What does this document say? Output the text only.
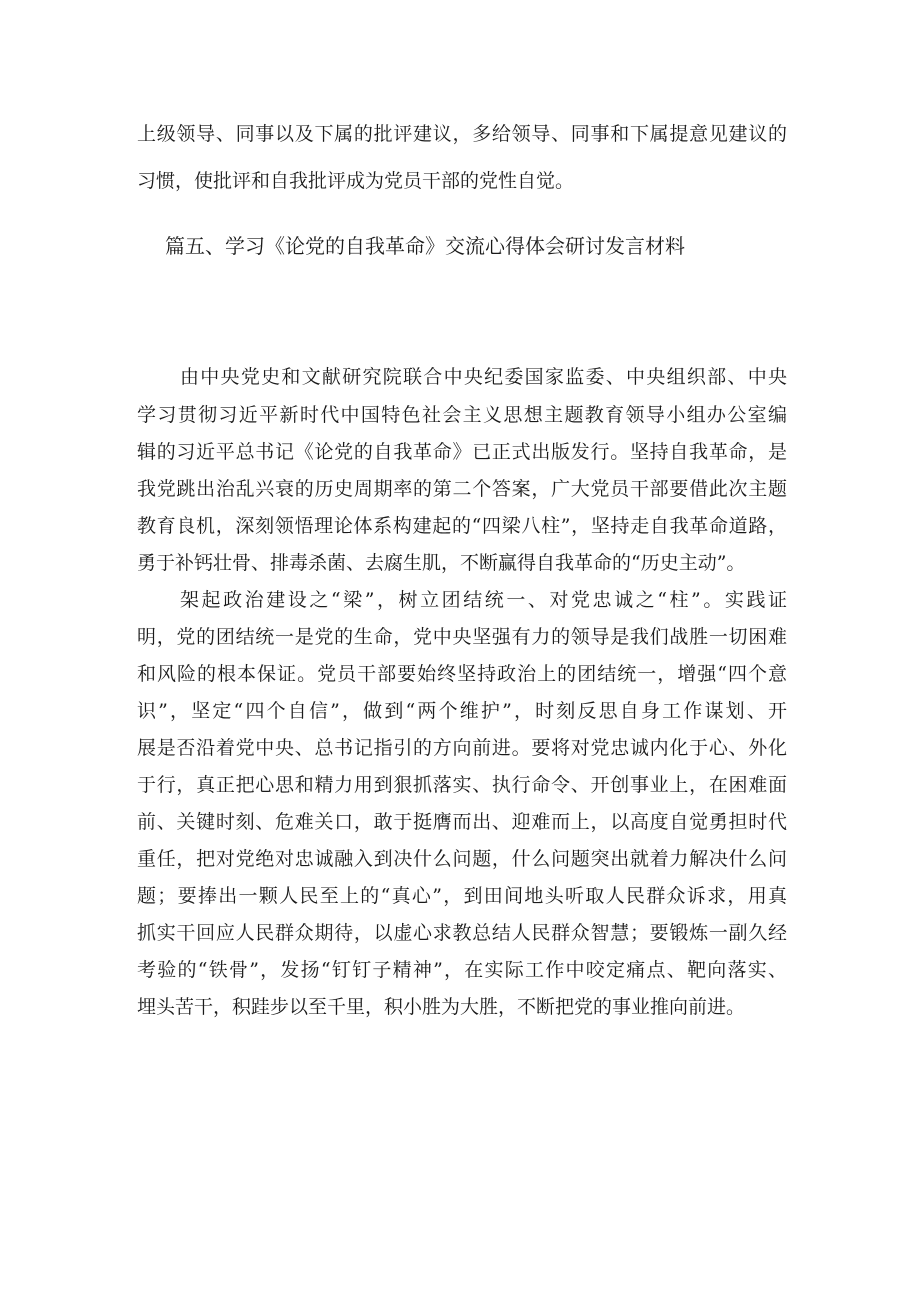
上级领导、同事以及下属的批评建议，多给领导、同事和下属提意见建议的
习惯，使批评和自我批评成为党员干部的党性自觉。
篇五、学习《论党的自我革命》交流心得体会研讨发言材料
由中央党史和文献研究院联合中央纪委国家监委、中央组织部、中央
学习贯彻习近平新时代中国特色社会主义思想主题教育领导小组办公室编
辑的习近平总书记《论党的自我革命》已正式出版发行。坚持自我革命，是
我党跳出治乱兴衰的历史周期率的第二个答案，广大党员干部要借此次主题
教育良机，深刻领悟理论体系构建起的“四梁八柱”，坚持走自我革命道路，
勇于补钙壮骨、排毒杀菌、去腐生肌，不断赢得自我革命的“历史主动”。
架起政治建设之“梁”，树立团结统一、对党忠诚之“柱”。实践证
明，党的团结统一是党的生命，党中央坚强有力的领导是我们战胜一切困难
和风险的根本保证。党员干部要始终坚持政治上的团结统一，增强“四个意
识”，坚定“四个自信”，做到“两个维护”，时刻反思自身工作谋划、开
展是否沿着党中央、总书记指引的方向前进。要将对党忠诚内化于心、外化
于行，真正把心思和精力用到狠抓落实、执行命令、开创事业上，在困难面
前、关键时刻、危难关口，敢于挺膺而出、迎难而上，以高度自觉勇担时代
重任，把对党绝对忠诚融入到决什么问题，什么问题突出就着力解决什么问
题；要捧出一颗人民至上的“真心”，到田间地头听取人民群众诉求，用真
抓实干回应人民群众期待，以虚心求教总结人民群众智慧；要锻炼一副久经
考验的“铁骨”，发扬“钉钉子精神”，在实际工作中咬定痛点、靶向落实、
埋头苦干，积跬步以至千里，积小胜为大胜，不断把党的事业推向前进。
